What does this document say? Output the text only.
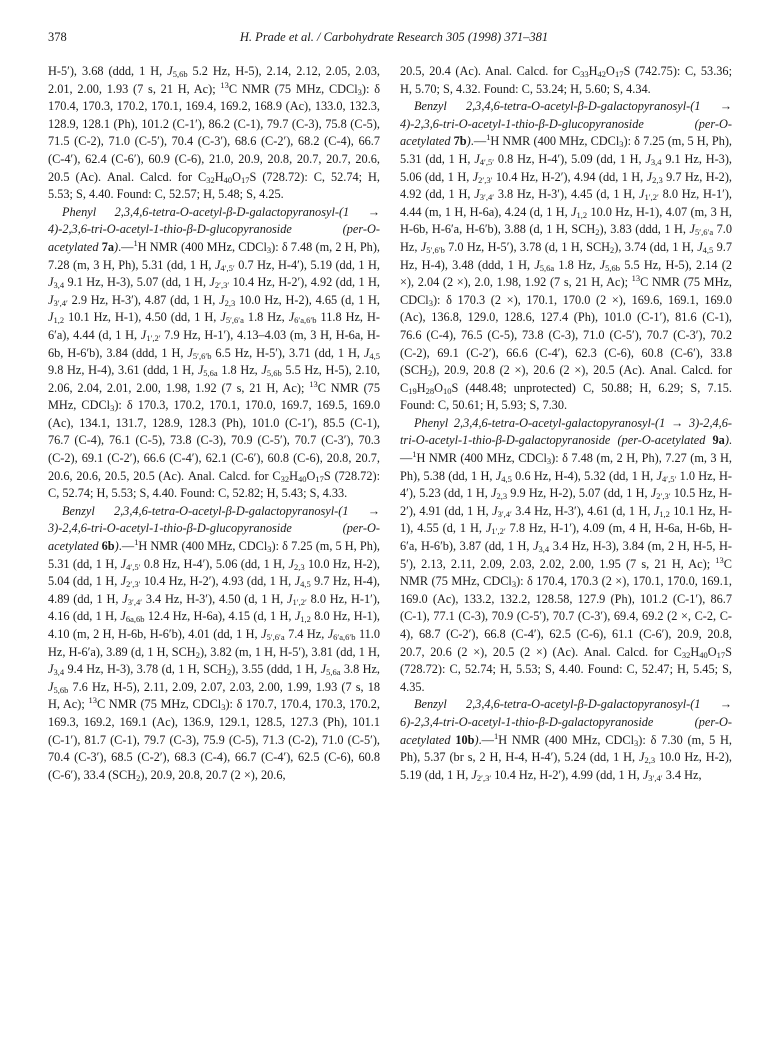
378	H. Prade et al. / Carbohydrate Research 305 (1998) 371–381

H-5′), 3.68 (ddd, 1 H, $J_{5,6b}$ 5.2 Hz, H-5), 2.14, 2.12, 2.05, 2.03, 2.01, 2.00, 1.93 (7 s, 21 H, Ac); $^{13}$C NMR (75 MHz, CDCl$_3$): δ 170.4, 170.3, 170.2, 170.1, 169.4, 169.2, 168.9 (Ac), 133.0, 132.3, 128.9, 128.1 (Ph), 101.2 (C-1′), 86.2 (C-1), 79.7 (C-3), 75.8 (C-5), 71.5 (C-2), 71.0 (C-5′), 70.4 (C-3′), 68.6 (C-2′), 68.2 (C-4), 66.7 (C-4′), 62.4 (C-6′), 60.9 (C-6), 21.0, 20.9, 20.8, 20.7, 20.7, 20.6, 20.5 (Ac). Anal. Calcd. for $C_{32}H_{40}O_{17}S$ (728.72): C, 52.74; H, 5.53; S, 4.40. Found: C, 52.57; H, 5.48; S, 4.25.

Phenyl 2,3,4,6-tetra-O-acetyl-β-D-galactopyranosyl-(1 → 4)-2,3,6-tri-O-acetyl-1-thio-β-D-glucopyranoside (per-O-acetylated 7a).—$^1$H NMR (400 MHz, CDCl$_3$): δ 7.48 (m, 2 H, Ph), 7.28 (m, 3 H, Ph), 5.31 (dd, 1 H, $J_{4',5'}$ 0.7 Hz, H-4′), 5.19 (dd, 1 H, $J_{3,4}$ 9.1 Hz, H-3), 5.07 (dd, 1 H, $J_{2',3'}$ 10.4 Hz, H-2′), 4.92 (dd, 1 H, $J_{3',4'}$ 2.9 Hz, H-3′), 4.87 (dd, 1 H, $J_{2,3}$ 10.0 Hz, H-2), 4.65 (d, 1 H, $J_{1,2}$ 10.1 Hz, H-1), 4.50 (dd, 1 H, $J_{5',6'a}$ 1.8 Hz, $J_{6'a,6'b}$ 11.8 Hz, H-6′a), 4.44 (d, 1 H, $J_{1',2'}$ 7.9 Hz, H-1′), 4.13–4.03 (m, 3 H, H-6a, H-6b, H-6′b), 3.84 (ddd, 1 H, $J_{5',6'b}$ 6.5 Hz, H-5′), 3.71 (dd, 1 H, $J_{4,5}$ 9.8 Hz, H-4), 3.61 (ddd, 1 H, $J_{5,6a}$ 1.8 Hz, $J_{5,6b}$ 5.5 Hz, H-5), 2.10, 2.06, 2.04, 2.01, 2.00, 1.98, 1.92 (7 s, 21 H, Ac); $^{13}$C NMR (75 MHz, CDCl$_3$): δ 170.3, 170.2, 170.1, 170.0, 169.7, 169.5, 169.0 (Ac), 134.1, 131.7, 128.9, 128.3 (Ph), 101.0 (C-1′), 85.5 (C-1), 76.7 (C-4), 76.1 (C-5), 73.8 (C-3), 70.9 (C-5′), 70.7 (C-3′), 70.3 (C-2), 69.1 (C-2′), 66.6 (C-4′), 62.1 (C-6′), 60.8 (C-6), 20.8, 20.7, 20.6, 20.6, 20.5, 20.5 (Ac). Anal. Calcd. for $C_{32}H_{40}O_{17}S$ (728.72): C, 52.74; H, 5.53; S, 4.40. Found: C, 52.82; H, 5.43; S, 4.33.

Benzyl 2,3,4,6-tetra-O-acetyl-β-D-galactopyranosyl-(1 → 3)-2,4,6-tri-O-acetyl-1-thio-β-D-glucopyranoside (per-O-acetylated 6b).—$^1$H NMR (400 MHz, CDCl$_3$): δ 7.25 (m, 5 H, Ph), 5.31 (dd, 1 H, $J_{4',5'}$ 0.8 Hz, H-4′), 5.06 (dd, 1 H, $J_{2,3}$ 10.0 Hz, H-2), 5.04 (dd, 1 H, $J_{2',3'}$ 10.4 Hz, H-2′), 4.93 (dd, 1 H, $J_{4,5}$ 9.7 Hz, H-4), 4.89 (dd, 1 H, $J_{3',4'}$ 3.4 Hz, H-3′), 4.50 (d, 1 H, $J_{1',2'}$ 8.0 Hz, H-1′), 4.16 (dd, 1 H, $J_{6a,6b}$ 12.4 Hz, H-6a), 4.15 (d, 1 H, $J_{1,2}$ 8.0 Hz, H-1), 4.10 (m, 2 H, H-6b, H-6′b), 4.01 (dd, 1 H, $J_{5',6'a}$ 7.4 Hz, $J_{6'a,6'b}$ 11.0 Hz, H-6′a), 3.89 (d, 1 H, $SCH_2$), 3.82 (m, 1 H, H-5′), 3.81 (dd, 1 H, $J_{3,4}$ 9.4 Hz, H-3), 3.78 (d, 1 H, $SCH_2$), 3.55 (ddd, 1 H, $J_{5,6a}$ 3.8 Hz, $J_{5,6b}$ 7.6 Hz, H-5), 2.11, 2.09, 2.07, 2.03, 2.00, 1.99, 1.93 (7 s, 18 H, Ac); $^{13}$C NMR (75 MHz, CDCl$_3$): δ 170.7, 170.4, 170.3, 170.2, 169.3, 169.2, 169.1 (Ac), 136.9, 129.1, 128.5, 127.3 (Ph), 101.1 (C-1′), 81.7 (C-1), 79.7 (C-3), 75.9 (C-5), 71.3 (C-2), 71.0 (C-5′), 70.4 (C-3′), 68.5 (C-2′), 68.3 (C-4), 66.7 (C-4′), 62.5 (C-6), 60.8 (C-6′), 33.4 $(SCH_2)$, 20.9, 20.8, 20.7 (2 ×), 20.6,

20.5, 20.4 (Ac). Anal. Calcd. for $C_{33}H_{42}O_{17}S$ (742.75): C, 53.36; H, 5.70; S, 4.32. Found: C, 53.24; H, 5.60; S, 4.34.

Benzyl 2,3,4,6-tetra-O-acetyl-β-D-galactopyranosyl-(1 → 4)-2,3,6-tri-O-acetyl-1-thio-β-D-glucopyranoside (per-O-acetylated 7b).—$^1$H NMR (400 MHz, CDCl$_3$): δ 7.25 (m, 5 H, Ph), 5.31 (dd, 1 H, $J_{4',5'}$ 0.8 Hz, H-4′), 5.09 (dd, 1 H, $J_{3,4}$ 9.1 Hz, H-3), 5.06 (dd, 1 H, $J_{2',3'}$ 10.4 Hz, H-2′), 4.94 (dd, 1 H, $J_{2,3}$ 9.7 Hz, H-2), 4.92 (dd, 1 H, $J_{3',4'}$ 3.8 Hz, H-3′), 4.45 (d, 1 H, $J_{1',2'}$ 8.0 Hz, H-1′), 4.44 (m, 1 H, H-6a), 4.24 (d, 1 H, $J_{1,2}$ 10.0 Hz, H-1), 4.07 (m, 3 H, H-6b, H-6′a, H-6′b), 3.88 (d, 1 H, $SCH_2$), 3.83 (ddd, 1 H, $J_{5',6'a}$ 7.0 Hz, $J_{5',6'b}$ 7.0 Hz, H-5′), 3.78 (d, 1 H, $SCH_2$), 3.74 (dd, 1 H, $J_{4,5}$ 9.7 Hz, H-4), 3.48 (ddd, 1 H, $J_{5,6a}$ 1.8 Hz, $J_{5,6b}$ 5.5 Hz, H-5), 2.14 (2 ×), 2.04 (2 ×), 2.0, 1.98, 1.92 (7 s, 21 H, Ac); $^{13}$C NMR (75 MHz, CDCl$_3$): δ 170.3 (2 ×), 170.1, 170.0 (2 ×), 169.6, 169.1, 169.0 (Ac), 136.8, 129.0, 128.6, 127.4 (Ph), 101.0 (C-1′), 81.6 (C-1), 76.6 (C-4), 76.5 (C-5), 73.8 (C-3), 71.0 (C-5′), 70.7 (C-3′), 70.2 (C-2), 69.1 (C-2′), 66.6 (C-4′), 62.3 (C-6), 60.8 (C-6′), 33.8 $(SCH_2)$, 20.9, 20.8 (2 ×), 20.6 (2 ×), 20.5 (Ac). Anal. Calcd. for $C_{19}H_{28}O_{10}S$ (448.48; unprotected) C, 50.88; H, 6.29; S, 7.15. Found: C, 50.61; H, 5.93; S, 7.30.

Phenyl 2,3,4,6-tetra-O-acetyl-galactopyranosyl-(1 → 3)-2,4,6-tri-O-acetyl-1-thio-β-D-galactopyranoside (per-O-acetylated 9a).—$^1$H NMR (400 MHz, CDCl$_3$): δ 7.48 (m, 2 H, Ph), 7.27 (m, 3 H, Ph), 5.38 (dd, 1 H, $J_{4,5}$ 0.6 Hz, H-4), 5.32 (dd, 1 H, $J_{4',5'}$ 1.0 Hz, H-4′), 5.23 (dd, 1 H, $J_{2,3}$ 9.9 Hz, H-2), 5.07 (dd, 1 H, $J_{2',3'}$ 10.5 Hz, H-2′), 4.91 (dd, 1 H, $J_{3',4'}$ 3.4 Hz, H-3′), 4.61 (d, 1 H, $J_{1,2}$ 10.1 Hz, H-1), 4.55 (d, 1 H, $J_{1',2'}$ 7.8 Hz, H-1′), 4.09 (m, 4 H, H-6a, H-6b, H-6′a, H-6′b), 3.87 (dd, 1 H, $J_{3,4}$ 3.4 Hz, H-3), 3.84 (m, 2 H, H-5, H-5′), 2.13, 2.11, 2.09, 2.03, 2.02, 2.00, 1.95 (7 s, 21 H, Ac); $^{13}$C NMR (75 MHz, CDCl$_3$): δ 170.4, 170.3 (2 ×), 170.1, 170.0, 169.1, 169.0 (Ac), 133.2, 132.2, 128.58, 127.9 (Ph), 101.2 (C-1′), 86.7 (C-1), 77.1 (C-3), 70.9 (C-5′), 70.7 (C-3′), 69.4, 69.2 (2 ×, C-2, C-4), 68.7 (C-2′), 66.8 (C-4′), 62.5 (C-6), 61.1 (C-6′), 20.9, 20.8, 20.7, 20.6 (2 ×), 20.5 (2 ×) (Ac). Anal. Calcd. for $C_{32}H_{40}O_{17}S$ (728.72): C, 52.74; H, 5.53; S, 4.40. Found: C, 52.47; H, 5.45; S, 4.35.

Benzyl 2,3,4,6-tetra-O-acetyl-β-D-galactopyranosyl-(1 → 6)-2,3,4-tri-O-acetyl-1-thio-β-D-galactopyranoside (per-O-acetylated 10b).—$^1$H NMR (400 MHz, CDCl$_3$): δ 7.30 (m, 5 H, Ph), 5.37 (br s, 2 H, H-4, H-4′), 5.24 (dd, 1 H, $J_{2,3}$ 10.0 Hz, H-2), 5.19 (dd, 1 H, $J_{2',3'}$ 10.4 Hz, H-2′), 4.99 (dd, 1 H, $J_{3',4'}$ 3.4 Hz,
